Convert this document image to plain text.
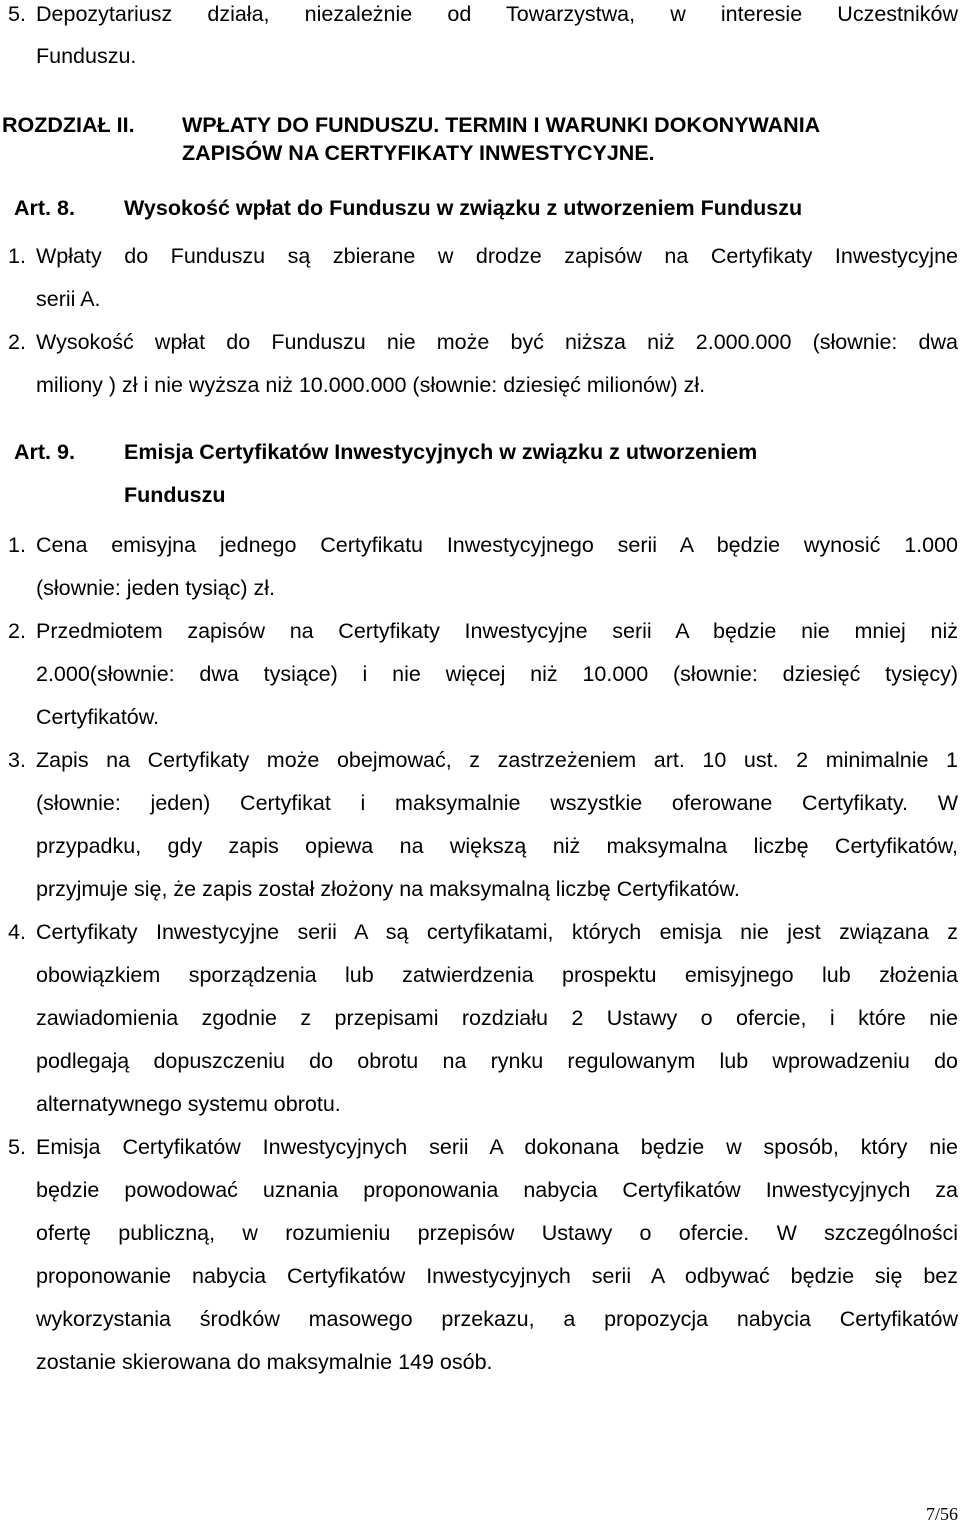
5. Depozytariusz działa, niezależnie od Towarzystwa, w interesie Uczestników
Funduszu.
ROZDZIAŁ II. WPŁATY DO FUNDUSZU. TERMIN I WARUNKI DOKONYWANIA
ZAPISÓW NA CERTYFIKATY INWESTYCYJNE.
Art. 8. Wysokość wpłat do Funduszu w związku z utworzeniem Funduszu
1. Wpłaty do Funduszu są zbierane w drodze zapisów na Certyfikaty Inwestycyjne
serii A.
2. Wysokość wpłat do Funduszu nie może być niższa niż 2.000.000 (słownie: dwa
miliony ) zł i nie wyższa niż 10.000.000 (słownie: dziesięć milionów) zł.
Art. 9. Emisja Certyfikatów Inwestycyjnych w związku z utworzeniem
Funduszu
1. Cena emisyjna jednego Certyfikatu Inwestycyjnego serii A będzie wynosić 1.000
(słownie: jeden tysiąc) zł.
2. Przedmiotem zapisów na Certyfikaty Inwestycyjne serii A będzie nie mniej niż
2.000(słownie: dwa tysiące) i nie więcej niż 10.000 (słownie: dziesięć tysięcy)
Certyfikatów.
3. Zapis na Certyfikaty może obejmować, z zastrzeżeniem art. 10 ust. 2 minimalnie 1
(słownie: jeden) Certyfikat i maksymalnie wszystkie oferowane Certyfikaty. W
przypadku, gdy zapis opiewa na większą niż maksymalna liczbę Certyfikatów,
przyjmuje się, że zapis został złożony na maksymalną liczbę Certyfikatów.
4. Certyfikaty Inwestycyjne serii A są certyfikatami, których emisja nie jest związana z
obowiązkiem sporządzenia lub zatwierdzenia prospektu emisyjnego lub złożenia
zawiadomienia zgodnie z przepisami rozdziału 2 Ustawy o ofercie, i które nie
podlegają dopuszczeniu do obrotu na rynku regulowanym lub wprowadzeniu do
alternatywnego systemu obrotu.
5. Emisja Certyfikatów Inwestycyjnych serii A dokonana będzie w sposób, który nie
będzie powodować uznania proponowania nabycia Certyfikatów Inwestycyjnych za
ofertę publiczną, w rozumieniu przepisów Ustawy o ofercie. W szczególności
proponowanie nabycia Certyfikatów Inwestycyjnych serii A odbywać będzie się bez
wykorzystania środków masowego przekazu, a propozycja nabycia Certyfikatów
zostanie skierowana do maksymalnie 149 osób.
7/56
